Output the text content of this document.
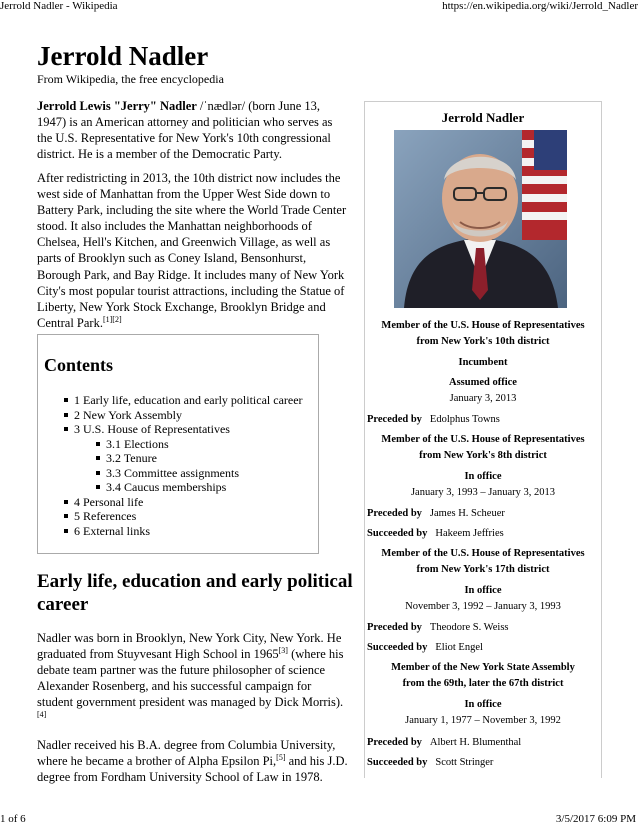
Jerrold Nadler - Wikipedia	https://en.wikipedia.org/wiki/Jerrold_Nadler
Jerrold Nadler
From Wikipedia, the free encyclopedia
Jerrold Lewis "Jerry" Nadler /ˈnædlər/ (born June 13, 1947) is an American attorney and politician who serves as the U.S. Representative for New York's 10th congressional district. He is a member of the Democratic Party.
After redistricting in 2013, the 10th district now includes the west side of Manhattan from the Upper West Side down to Battery Park, including the site where the World Trade Center stood. It also includes the Manhattan neighborhoods of Chelsea, Hell's Kitchen, and Greenwich Village, as well as parts of Brooklyn such as Coney Island, Bensonhurst, Borough Park, and Bay Ridge. It includes many of New York City's most popular tourist attractions, including the Statue of Liberty, New York Stock Exchange, Brooklyn Bridge and Central Park.[1][2]
Contents
1 Early life, education and early political career
2 New York Assembly
3 U.S. House of Representatives
3.1 Elections
3.2 Tenure
3.3 Committee assignments
3.4 Caucus memberships
4 Personal life
5 References
6 External links
Early life, education and early political career
Nadler was born in Brooklyn, New York City, New York. He graduated from Stuyvesant High School in 1965[3] (where his debate team partner was the future philosopher of science Alexander Rosenberg, and his successful campaign for student government president was managed by Dick Morris).[4]
Nadler received his B.A. degree from Columbia University, where he became a brother of Alpha Epsilon Pi,[5] and his J.D. degree from Fordham University School of Law in 1978.
Jerrold Nadler
Member of the U.S. House of Representatives
from New York's 10th district
Incumbent
Assumed office
January 3, 2013
Preceded by Edolphus Towns
Member of the U.S. House of Representatives
from New York's 8th district
In office
January 3, 1993 – January 3, 2013
Preceded by James H. Scheuer
Succeeded by Hakeem Jeffries
Member of the U.S. House of Representatives
from New York's 17th district
In office
November 3, 1992 – January 3, 1993
Preceded by Theodore S. Weiss
Succeeded by Eliot Engel
Member of the New York State Assembly
from the 69th, later the 67th district
In office
January 1, 1977 – November 3, 1992
Preceded by Albert H. Blumenthal
Succeeded by Scott Stringer
1 of 6	3/5/2017 6:09 PM
